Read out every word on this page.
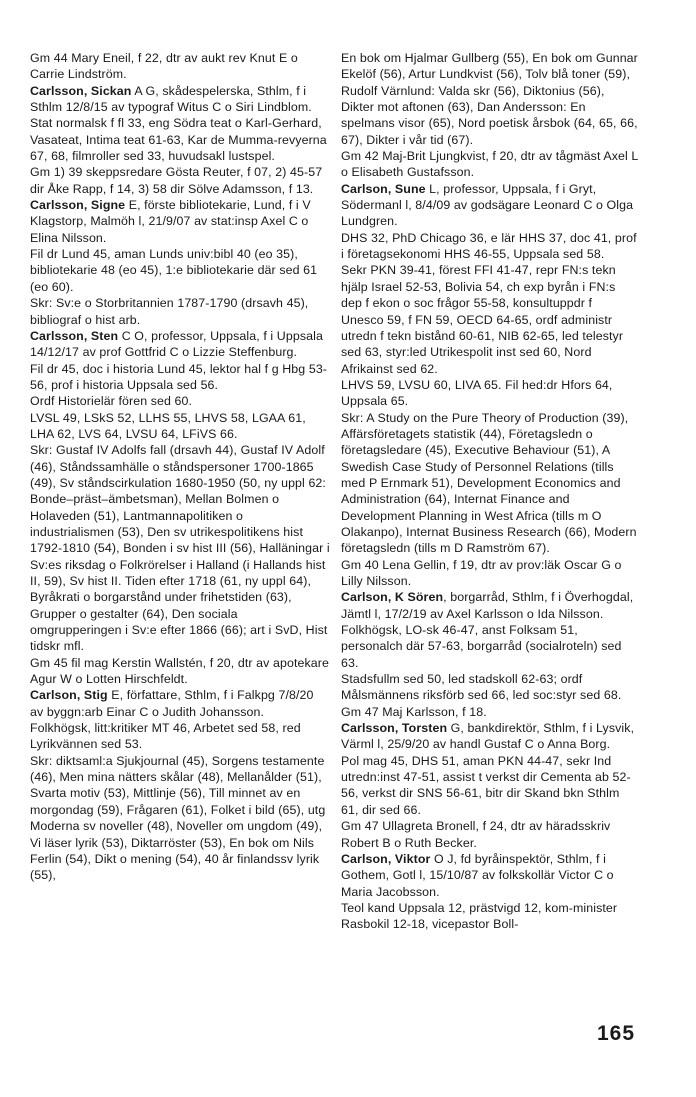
Gm 44 Mary Eneil, f 22, dtr av aukt rev Knut E o Carrie Lindström.

Carlsson, Sickan A G, skådespelerska, Sthlm, f i Sthlm 12/8/15 av typograf Witus C o Siri Lindblom.

Stat normalsk f fl 33, eng Södra teat o Karl-Gerhard, Vasateat, Intima teat 61-63, Kar de Mumma-revyerna 67, 68, filmroller sed 33, huvudsakl lustspel.

Gm 1) 39 skeppsredare Gösta Reuter, f 07, 2) 45-57 dir Åke Rapp, f 14, 3) 58 dir Sölve Adamsson, f 13.

Carlsson, Signe E, förste bibliotekarie, Lund, f i V Klagstorp, Malmöh l, 21/9/07 av stat:insp Axel C o Elina Nilsson.

Fil dr Lund 45, aman Lunds univ:bibl 40 (eo 35), bibliotekarie 48 (eo 45), 1:e bibliotekarie där sed 61 (eo 60).

Skr: Sv:e o Storbritannien 1787-1790 (drsavh 45), bibliograf o hist arb.

Carlsson, Sten C O, professor, Uppsala, f i Uppsala 14/12/17 av prof Gottfrid C o Lizzie Steffenburg.

Fil dr 45, doc i historia Lund 45, lektor hal f g Hbg 53-56, prof i historia Uppsala sed 56.

Ordf Historielär fören sed 60.

LVSL 49, LSkS 52, LLHS 55, LHVS 58, LGAA 61, LHA 62, LVS 64, LVSU 64, LFiVS 66.

Skr: Gustaf IV Adolfs fall (drsavh 44), Gustaf IV Adolf (46), Ståndssamhälle o ståndspersoner 1700-1865 (49), Sv ståndscirkulation 1680-1950 (50, ny uppl 62: Bonde–präst–ämbetsman), Mellan Bolmen o Holaveden (51), Lantmannapolitiken o industrialismen (53), Den sv utrikespolitikens hist 1792-1810 (54), Bonden i sv hist III (56), Halläningar i Sv:es riksdag o Folkrörelser i Halland (i Hallands hist II, 59), Sv hist II. Tiden efter 1718 (61, ny uppl 64), Byråkrati o borgarstånd under frihetstiden (63), Grupper o gestalter (64), Den sociala omgrupperingen i Sv:e efter 1866 (66); art i SvD, Hist tidskr mfl.

Gm 45 fil mag Kerstin Wallstén, f 20, dtr av apotekare Agur W o Lotten Hirschfeldt.

Carlson, Stig E, författare, Sthlm, f i Falkpg 7/8/20 av byggn:arb Einar C o Judith Johansson.

Folkhögsk, litt:kritiker MT 46, Arbetet sed 58, red Lyrikvännen sed 53.

Skr: diktsaml:a Sjukjournal (45), Sorgens testamente (46), Men mina nätters skålar (48), Mellanålder (51), Svarta motiv (53), Mittlinje (56), Till minnet av en morgondag (59), Frågaren (61), Folket i bild (65), utg Moderna sv noveller (48), Noveller om ungdom (49), Vi läser lyrik (53), Diktarröster (53), En bok om Nils Ferlin (54), Dikt o mening (54), 40 år finlandssv lyrik (55),

En bok om Hjalmar Gullberg (55), En bok om Gunnar Ekelöf (56), Artur Lundkvist (56), Tolv blå toner (59), Rudolf Värnlund: Valda skr (56), Diktonius (56), Dikter mot aftonen (63), Dan Andersson: En spelmans visor (65), Nord poetisk årsbok (64, 65, 66, 67), Dikter i vår tid (67).

Gm 42 Maj-Brit Ljungkvist, f 20, dtr av tågmäst Axel L o Elisabeth Gustafsson.

Carlson, Sune L, professor, Uppsala, f i Gryt, Södermanl l, 8/4/09 av godsägare Leonard C o Olga Lundgren.

DHS 32, PhD Chicago 36, e lär HHS 37, doc 41, prof i företagsekonomi HHS 46-55, Uppsala sed 58.

Sekr PKN 39-41, förest FFI 41-47, repr FN:s tekn hjälp Israel 52-53, Bolivia 54, ch exp byrån i FN:s dep f ekon o soc frågor 55-58, konsultuppdr f Unesco 59, f FN 59, OECD 64-65, ordf administr utredn f tekn bistånd 60-61, NIB 62-65, led telestyr sed 63, styr:led Utrikespolit inst sed 60, Nord Afrikainst sed 62.

LHVS 59, LVSU 60, LIVA 65. Fil hed:dr Hfors 64, Uppsala 65.

Skr: A Study on the Pure Theory of Production (39), Affärsföretagets statistik (44), Företagsledn o företagsledare (45), Executive Behaviour (51), A Swedish Case Study of Personnel Relations (tills med P Ernmark 51), Development Economics and Administration (64), Internat Finance and Development Planning in West Africa (tills m O Olakanpo), Internat Business Research (66), Modern företagsledn (tills m D Ramström 67).

Gm 40 Lena Gellin, f 19, dtr av prov:läk Oscar G o Lilly Nilsson.

Carlson, K Sören, borgarråd, Sthlm, f i Överhogdal, Jämtl l, 17/2/19 av Axel Karlsson o Ida Nilsson.

Folkhögsk, LO-sk 46-47, anst Folksam 51, personalch där 57-63, borgarråd (socialroteln) sed 63.

Stadsfullm sed 50, led stadskoll 62-63; ordf Målsmännens riksförb sed 66, led soc:styr sed 68.

Gm 47 Maj Karlsson, f 18.

Carlsson, Torsten G, bankdirektör, Sthlm, f i Lysvik, Värml l, 25/9/20 av handl Gustaf C o Anna Borg.

Pol mag 45, DHS 51, aman PKN 44-47, sekr Ind utredn:inst 47-51, assist t verkst dir Cementa ab 52-56, verkst dir SNS 56-61, bitr dir Skand bkn Sthlm 61, dir sed 66.

Gm 47 Ullagreta Bronell, f 24, dtr av häradsskriv Robert B o Ruth Becker.

Carlson, Viktor O J, fd byråinspektör, Sthlm, f i Gothem, Gotl l, 15/10/87 av folkskollär Victor C o Maria Jacobsson.

Teol kand Uppsala 12, prästvigd 12, kom-minister Rasbokil 12-18, vicepastor Boll-

165
